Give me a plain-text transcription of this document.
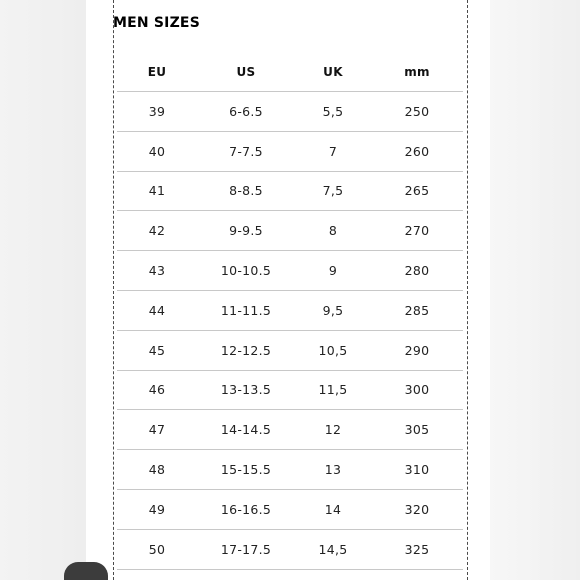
MEN SIZES
EU	US	UK	mm
39	6-6.5	5,5	250
40	7-7.5	7	260
41	8-8.5	7,5	265
42	9-9.5	8	270
43	10-10.5	9	280
44	11-11.5	9,5	285
45	12-12.5	10,5	290
46	13-13.5	11,5	300
47	14-14.5	12	305
48	15-15.5	13	310
49	16-16.5	14	320
50	17-17.5	14,5	325
